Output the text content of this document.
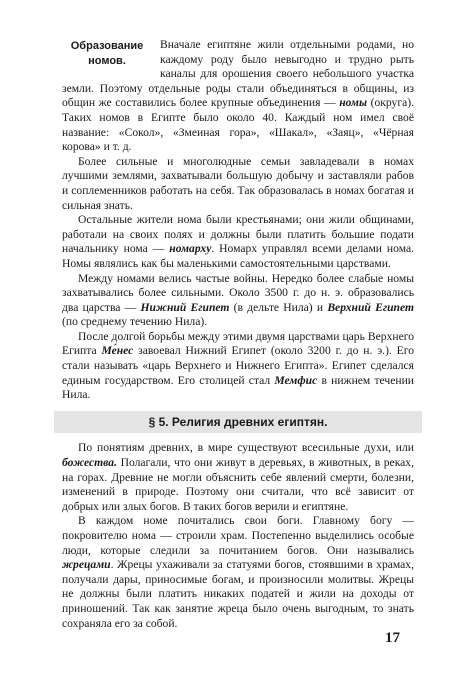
Образование номов.

Вначале египтяне жили отдельными родами, но каждому роду было невыгодно и трудно рыть каналы для орошения своего небольшого участка земли. Поэтому отдельные роды стали объединяться в общины, из общин же составились более крупные объединения — номы (округа). Таких номов в Египте было около 40. Каждый ном имел своё название: «Сокол», «Змеиная гора», «Шакал», «Заяц», «Чёрная корова» и т. д.

Более сильные и многолюдные семьи завладевали в номах лучшими землями, захватывали большую добычу и заставляли рабов и соплеменников работать на себя. Так образовалась в номах богатая и сильная знать.

Остальные жители нома были крестьянами; они жили общинами, работали на своих полях и должны были платить большие подати начальнику нома — номарху. Номарх управлял всеми делами нома. Номы являлись как бы маленькими самостоятельными царствами.

Между номами велись частые войны. Нередко более слабые номы захватывались более сильными. Около 3500 г. до н. э. образовались два царства — Нижний Египет (в дельте Нила) и Верхний Египет (по среднему течению Нила).

После долгой борьбы между этими двумя царствами царь Верхнего Египта Ме́нес завоевал Нижний Египет (около 3200 г. до н. э.). Его стали называть «царь Верхнего и Нижнего Египта». Египет сделался единым государством. Его столицей стал Мемфис в нижнем течении Нила.

§ 5. Религия древних египтян.

По понятиям древних, в мире существуют всесильные духи, или божества. Полагали, что они живут в деревьях, в животных, в реках, на горах. Древние не могли объяснить себе явлений смерти, болезни, изменений в природе. Поэтому они считали, что всё зависит от добрых или злых богов. В таких богов верили и египтяне.

В каждом номе почитались свои боги. Главному богу — покровителю нома — строили храм. Постепенно выделились особые люди, которые следили за почитанием богов. Они назывались жрецами. Жрецы ухаживали за статуями богов, стоявшими в храмах, получали дары, приносимые богам, и произносили молитвы. Жрецы не должны были платить никаких податей и жили на доходы от приношений. Так как занятие жреца было очень выгодным, то знать сохраняла его за собой.

17
